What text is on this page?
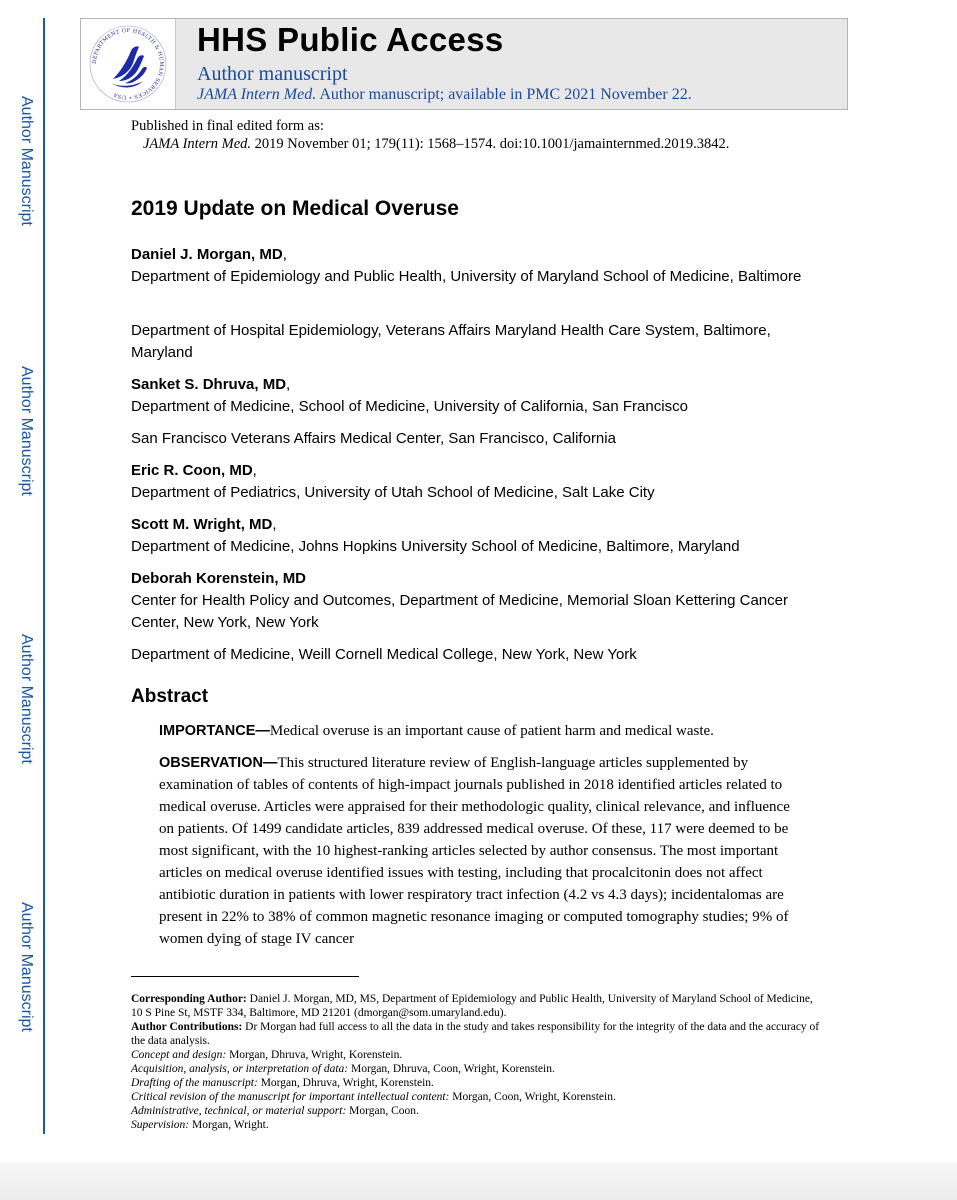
Author Manuscript
Author Manuscript
Author Manuscript
Author Manuscript
DEPARTMENT OF HEALTH & HUMAN SERVICES • USA
HHS Public Access
Author manuscript
JAMA Intern Med. Author manuscript; available in PMC 2021 November 22.
Published in final edited form as:
JAMA Intern Med. 2019 November 01; 179(11): 1568–1574. doi:10.1001/jamainternmed.2019.3842.
2019 Update on Medical Overuse
Daniel J. Morgan, MD,
Department of Epidemiology and Public Health, University of Maryland School of Medicine, Baltimore
Department of Hospital Epidemiology, Veterans Affairs Maryland Health Care System, Baltimore, Maryland
Sanket S. Dhruva, MD,
Department of Medicine, School of Medicine, University of California, San Francisco
San Francisco Veterans Affairs Medical Center, San Francisco, California
Eric R. Coon, MD,
Department of Pediatrics, University of Utah School of Medicine, Salt Lake City
Scott M. Wright, MD,
Department of Medicine, Johns Hopkins University School of Medicine, Baltimore, Maryland
Deborah Korenstein, MD
Center for Health Policy and Outcomes, Department of Medicine, Memorial Sloan Kettering Cancer Center, New York, New York
Department of Medicine, Weill Cornell Medical College, New York, New York
Abstract
IMPORTANCE—Medical overuse is an important cause of patient harm and medical waste.
OBSERVATION—This structured literature review of English-language articles supplemented by examination of tables of contents of high-impact journals published in 2018 identified articles related to medical overuse. Articles were appraised for their methodologic quality, clinical relevance, and influence on patients. Of 1499 candidate articles, 839 addressed medical overuse. Of these, 117 were deemed to be most significant, with the 10 highest-ranking articles selected by author consensus. The most important articles on medical overuse identified issues with testing, including that procalcitonin does not affect antibiotic duration in patients with lower respiratory tract infection (4.2 vs 4.3 days); incidentalomas are present in 22% to 38% of common magnetic resonance imaging or computed tomography studies; 9% of women dying of stage IV cancer
Corresponding Author: Daniel J. Morgan, MD, MS, Department of Epidemiology and Public Health, University of Maryland School of Medicine, 10 S Pine St, MSTF 334, Baltimore, MD 21201 (dmorgan@som.umaryland.edu).
Author Contributions: Dr Morgan had full access to all the data in the study and takes responsibility for the integrity of the data and the accuracy of the data analysis.
Concept and design: Morgan, Dhruva, Wright, Korenstein.
Acquisition, analysis, or interpretation of data: Morgan, Dhruva, Coon, Wright, Korenstein.
Drafting of the manuscript: Morgan, Dhruva, Wright, Korenstein.
Critical revision of the manuscript for important intellectual content: Morgan, Coon, Wright, Korenstein.
Administrative, technical, or material support: Morgan, Coon.
Supervision: Morgan, Wright.
